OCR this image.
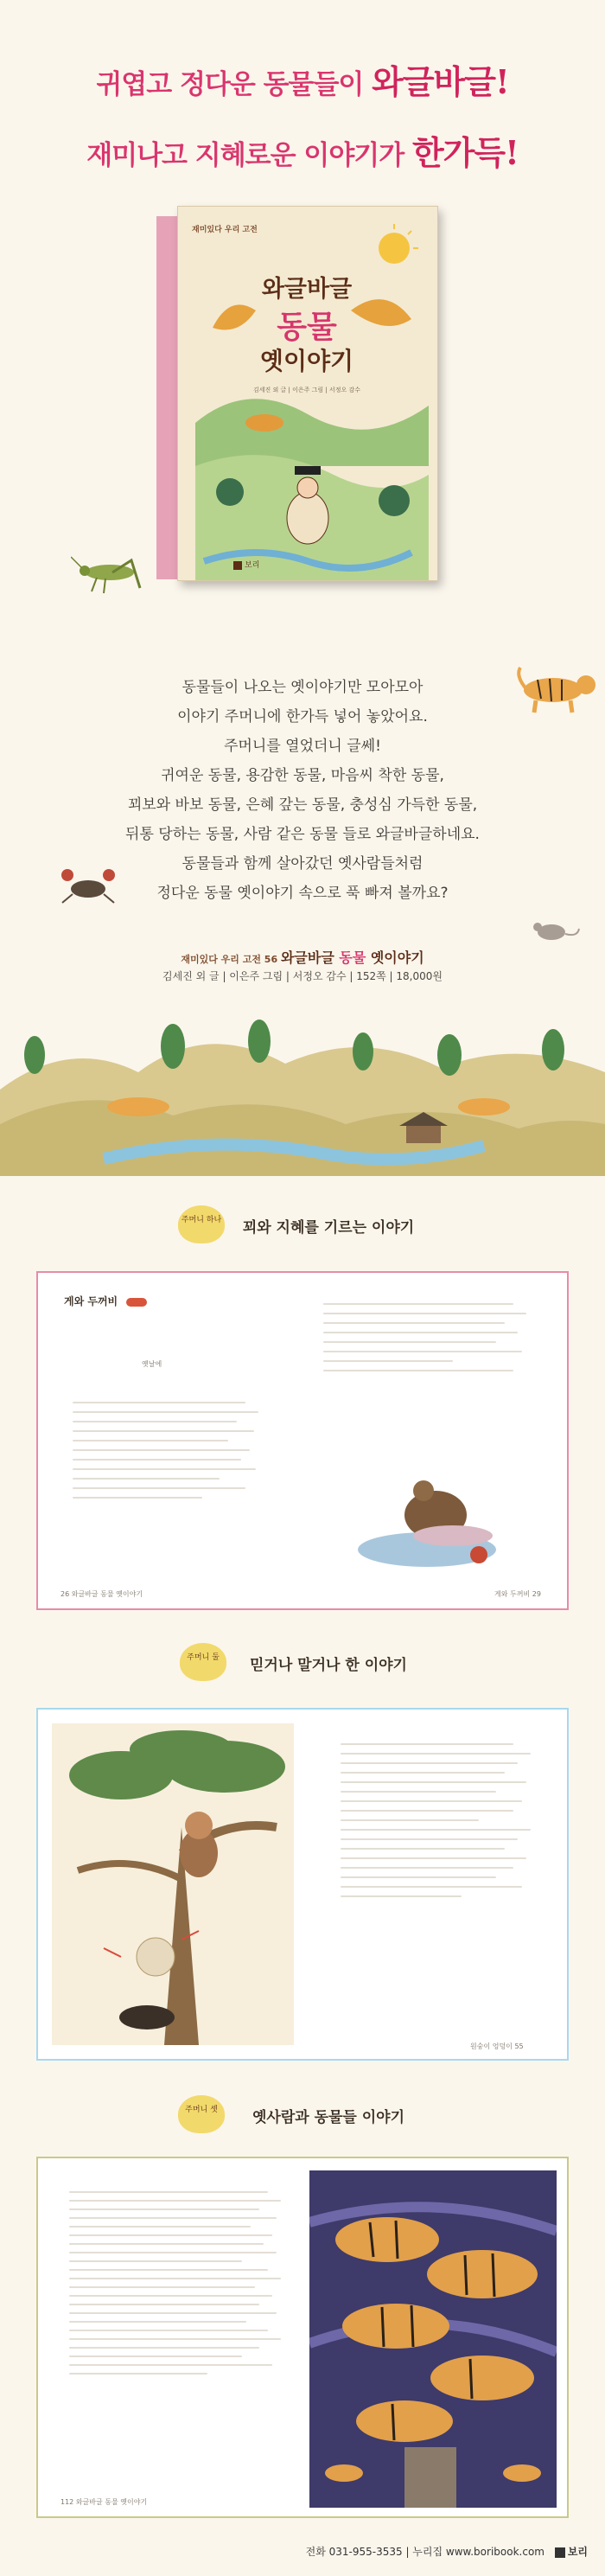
귀엽고 정다운 동물들이 와글바글!
재미나고 지혜로운 이야기가 한가득!
재미있다 우리 고전
와글바글
동물
옛이야기
김세진 외 글 | 이은주 그림 | 서정오 감수
보리
동물들이 나오는 옛이야기만 모아모아
이야기 주머니에 한가득 넣어 놓았어요.
주머니를 열었더니 글쎄!
귀여운 동물, 용감한 동물, 마음씨 착한 동물,
꾀보와 바보 동물, 은혜 갚는 동물, 충성심 가득한 동물,
뒤통 당하는 동물, 사람 같은 동물 들로 와글바글하네요.
동물들과 함께 살아갔던 옛사람들처럼
정다운 동물 옛이야기 속으로 푹 빠져 볼까요?
재미있다 우리 고전 56 와글바글 동물 옛이야기
김세진 외 글 | 이은주 그림 | 서정오 감수 | 152쪽 | 18,000원
주머니 하나	꾀와 지혜를 기르는 이야기
게와 두꺼비
옛날에
26 와글바글 동물 옛이야기	게와 두꺼비 29
주머니 둘	믿거나 말거나 한 이야기
원숭이 엉덩이 55
주머니 셋	옛사람과 동물들 이야기
112 와글바글 동물 옛이야기
전화 031-955-3535 | 누리집 www.boribook.com 보리
